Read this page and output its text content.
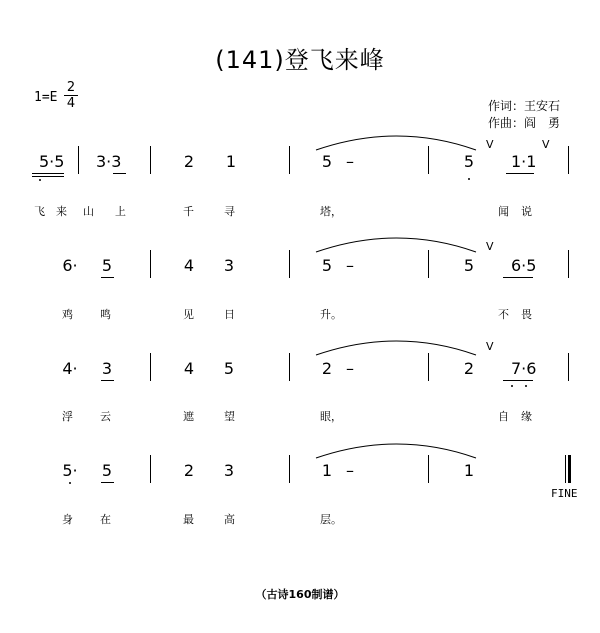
(141)登飞来峰
1=E
2
4	作词：王安石
作曲：阎　勇
5·5 3·3	2 1	5 –	5 1·1
V
V
6· 5	4 3	5 –	5 6·5
V
4· 3	4 5	2 –	2 7·6
V
5· 5	2 3	1 –	1
FINE
飞 来 山 上	千	寻	塔，	闻 说
鸡 鸣	见	日	升。	不 畏
浮 云	遮	望	眼，	自 缘
身 在	最	高	层。
（古诗160制谱）
